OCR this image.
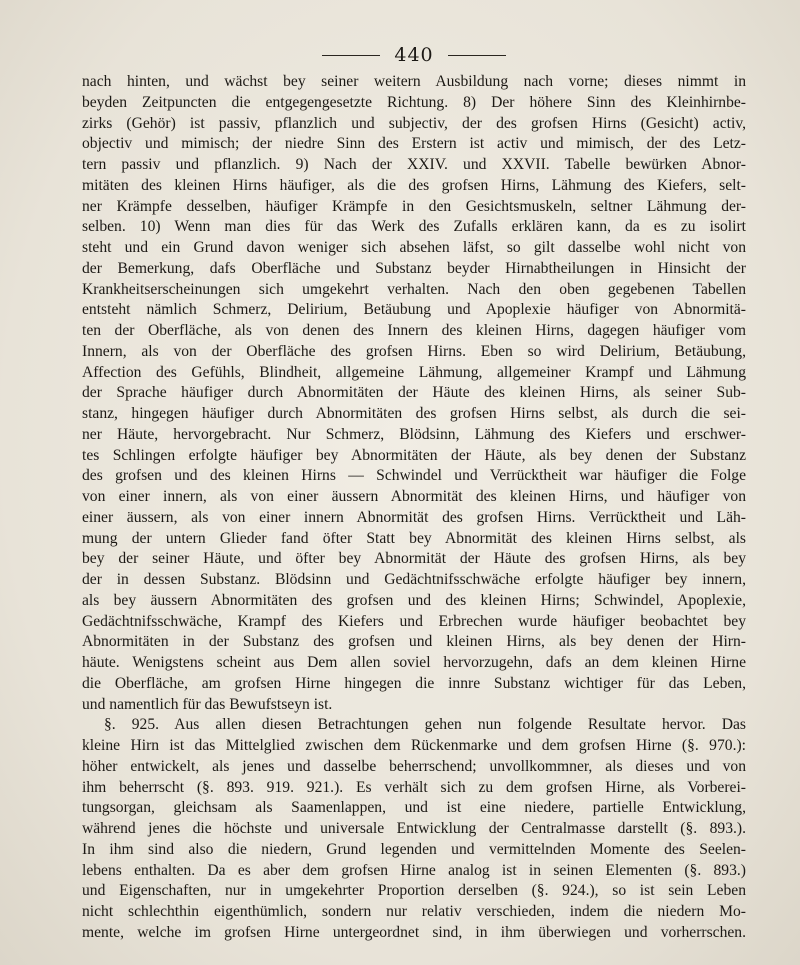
440
nach hinten, und wächst bey seiner weitern Ausbildung nach vorne; dieses nimmt in
beyden Zeitpuncten die entgegengesetzte Richtung. 8) Der höhere Sinn des Kleinhirnbe-
zirks (Gehör) ist passiv, pflanzlich und subjectiv, der des grofsen Hirns (Gesicht) activ,
objectiv und mimisch; der niedre Sinn des Erstern ist activ und mimisch, der des Letz-
tern passiv und pflanzlich. 9) Nach der XXIV. und XXVII. Tabelle bewürken Abnor-
mitäten des kleinen Hirns häufiger, als die des grofsen Hirns, Lähmung des Kiefers, selt-
ner Krämpfe desselben, häufiger Krämpfe in den Gesichtsmuskeln, seltner Lähmung der-
selben. 10) Wenn man dies für das Werk des Zufalls erklären kann, da es zu isolirt
steht und ein Grund davon weniger sich absehen läfst, so gilt dasselbe wohl nicht von
der Bemerkung, dafs Oberfläche und Substanz beyder Hirnabtheilungen in Hinsicht der
Krankheitserscheinungen sich umgekehrt verhalten. Nach den oben gegebenen Tabellen
entsteht nämlich Schmerz, Delirium, Betäubung und Apoplexie häufiger von Abnormitä-
ten der Oberfläche, als von denen des Innern des kleinen Hirns, dagegen häufiger vom
Innern, als von der Oberfläche des grofsen Hirns. Eben so wird Delirium, Betäubung,
Affection des Gefühls, Blindheit, allgemeine Lähmung, allgemeiner Krampf und Lähmung
der Sprache häufiger durch Abnormitäten der Häute des kleinen Hirns, als seiner Sub-
stanz, hingegen häufiger durch Abnormitäten des grofsen Hirns selbst, als durch die sei-
ner Häute, hervorgebracht. Nur Schmerz, Blödsinn, Lähmung des Kiefers und erschwer-
tes Schlingen erfolgte häufiger bey Abnormitäten der Häute, als bey denen der Substanz
des grofsen und des kleinen Hirns — Schwindel und Verrücktheit war häufiger die Folge
von einer innern, als von einer äussern Abnormität des kleinen Hirns, und häufiger von
einer äussern, als von einer innern Abnormität des grofsen Hirns. Verrücktheit und Läh-
mung der untern Glieder fand öfter Statt bey Abnormität des kleinen Hirns selbst, als
bey der seiner Häute, und öfter bey Abnormität der Häute des grofsen Hirns, als bey
der in dessen Substanz. Blödsinn und Gedächtnifsschwäche erfolgte häufiger bey innern,
als bey äussern Abnormitäten des grofsen und des kleinen Hirns; Schwindel, Apoplexie,
Gedächtnifsschwäche, Krampf des Kiefers und Erbrechen wurde häufiger beobachtet bey
Abnormitäten in der Substanz des grofsen und kleinen Hirns, als bey denen der Hirn-
häute. Wenigstens scheint aus Dem allen soviel hervorzugehn, dafs an dem kleinen Hirne
die Oberfläche, am grofsen Hirne hingegen die innre Substanz wichtiger für das Leben,
und namentlich für das Bewufstseyn ist.
§. 925. Aus allen diesen Betrachtungen gehen nun folgende Resultate hervor. Das
kleine Hirn ist das Mittelglied zwischen dem Rückenmarke und dem grofsen Hirne (§. 970.):
höher entwickelt, als jenes und dasselbe beherrschend; unvollkommner, als dieses und von
ihm beherrscht (§. 893. 919. 921.). Es verhält sich zu dem grofsen Hirne, als Vorberei-
tungsorgan, gleichsam als Saamenlappen, und ist eine niedere, partielle Entwicklung,
während jenes die höchste und universale Entwicklung der Centralmasse darstellt (§. 893.).
In ihm sind also die niedern, Grund legenden und vermittelnden Momente des Seelen-
lebens enthalten. Da es aber dem grofsen Hirne analog ist in seinen Elementen (§. 893.)
und Eigenschaften, nur in umgekehrter Proportion derselben (§. 924.), so ist sein Leben
nicht schlechthin eigenthümlich, sondern nur relativ verschieden, indem die niedern Mo-
mente, welche im grofsen Hirne untergeordnet sind, in ihm überwiegen und vorherrschen.
